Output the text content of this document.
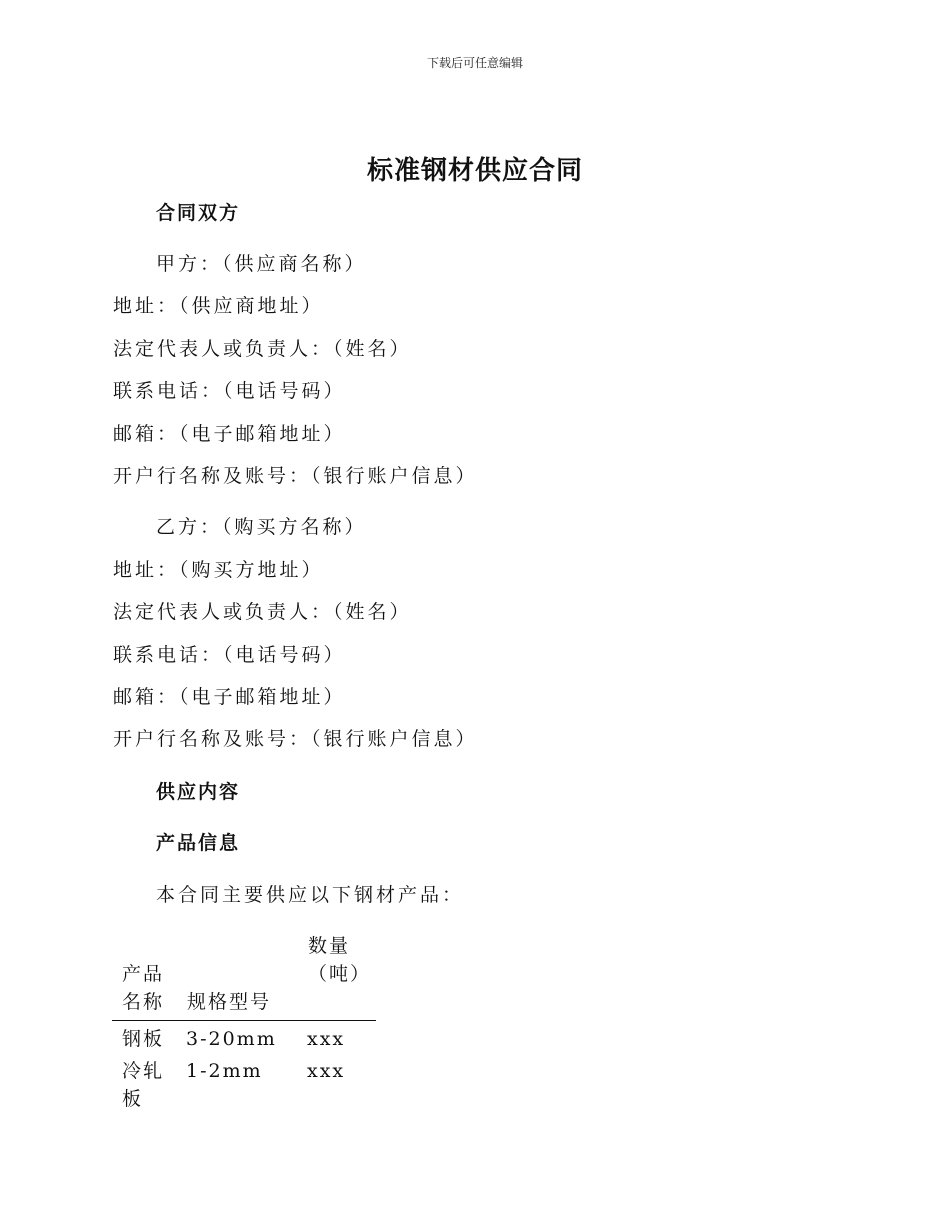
下载后可任意编辑
标准钢材供应合同
合同双方
甲方：（供应商名称）
地址：（供应商地址）
法定代表人或负责人：（姓名）
联系电话：（电话号码）
邮箱：（电子邮箱地址）
开户行名称及账号：（银行账户信息）
乙方：（购买方名称）
地址：（购买方地址）
法定代表人或负责人：（姓名）
联系电话：（电话号码）
邮箱：（电子邮箱地址）
开户行名称及账号：（银行账户信息）
供应内容
产品信息
本合同主要供应以下钢材产品：
产品名称	规格型号
数量（吨）
钢板	3-20mm xxx
冷轧板
1-2mm xxx
